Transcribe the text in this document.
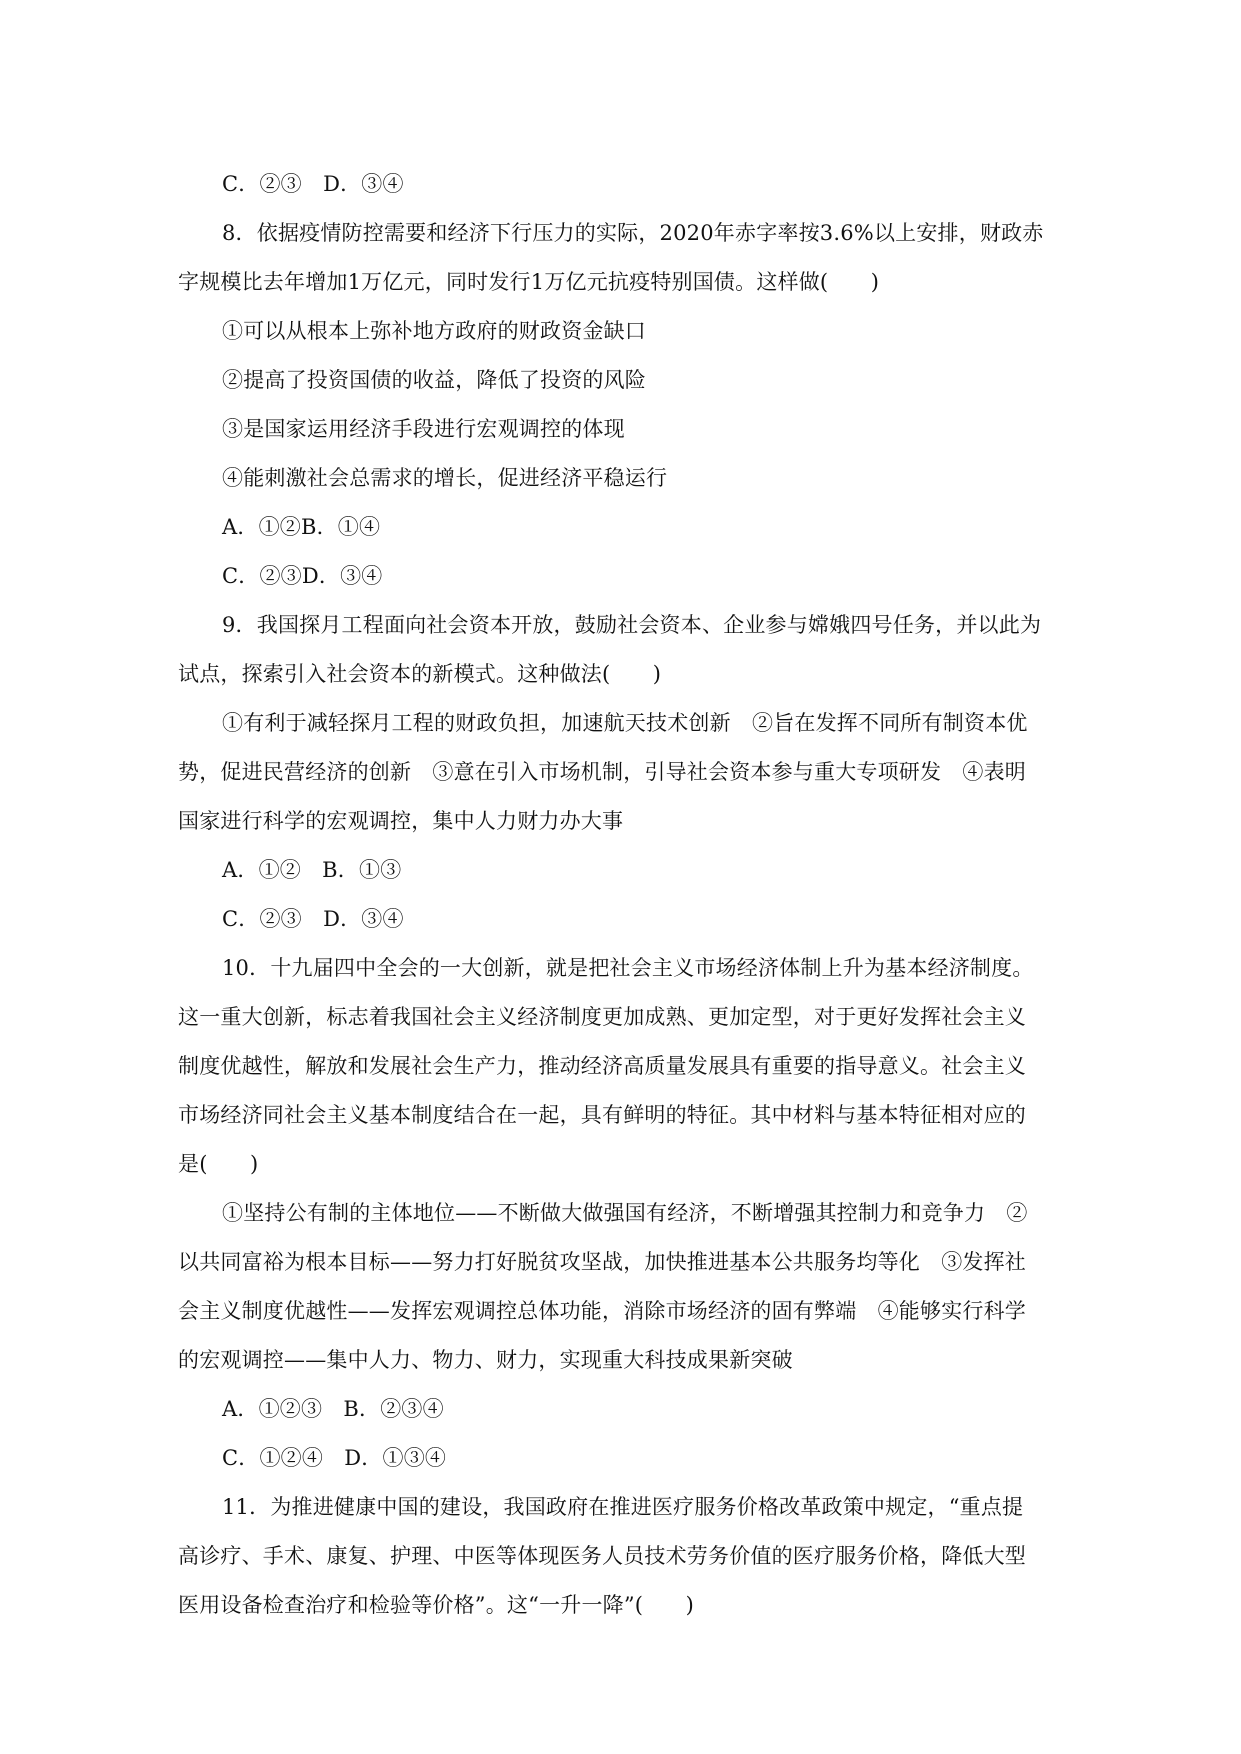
C．②③　D．③④
8．依据疫情防控需要和经济下行压力的实际，2020年赤字率按3.6%以上安排，财政赤
字规模比去年增加1万亿元，同时发行1万亿元抗疫特别国债。这样做(　　)
①可以从根本上弥补地方政府的财政资金缺口
②提高了投资国债的收益，降低了投资的风险
③是国家运用经济手段进行宏观调控的体现
④能刺激社会总需求的增长，促进经济平稳运行
A．①②B．①④
C．②③D．③④
9．我国探月工程面向社会资本开放，鼓励社会资本、企业参与嫦娥四号任务，并以此为
试点，探索引入社会资本的新模式。这种做法(　　)
①有利于减轻探月工程的财政负担，加速航天技术创新　②旨在发挥不同所有制资本优
势，促进民营经济的创新　③意在引入市场机制，引导社会资本参与重大专项研发　④表明
国家进行科学的宏观调控，集中人力财力办大事
A．①②　B．①③
C．②③　D．③④
10．十九届四中全会的一大创新，就是把社会主义市场经济体制上升为基本经济制度。
这一重大创新，标志着我国社会主义经济制度更加成熟、更加定型，对于更好发挥社会主义
制度优越性，解放和发展社会生产力，推动经济高质量发展具有重要的指导意义。社会主义
市场经济同社会主义基本制度结合在一起，具有鲜明的特征。其中材料与基本特征相对应的
是(　　)
①坚持公有制的主体地位——不断做大做强国有经济，不断增强其控制力和竞争力　②
以共同富裕为根本目标——努力打好脱贫攻坚战，加快推进基本公共服务均等化　③发挥社
会主义制度优越性——发挥宏观调控总体功能，消除市场经济的固有弊端　④能够实行科学
的宏观调控——集中人力、物力、财力，实现重大科技成果新突破
A．①②③　B．②③④
C．①②④　D．①③④
11．为推进健康中国的建设，我国政府在推进医疗服务价格改革政策中规定，“重点提
高诊疗、手术、康复、护理、中医等体现医务人员技术劳务价值的医疗服务价格，降低大型
医用设备检查治疗和检验等价格”。这“一升一降”(　　)
